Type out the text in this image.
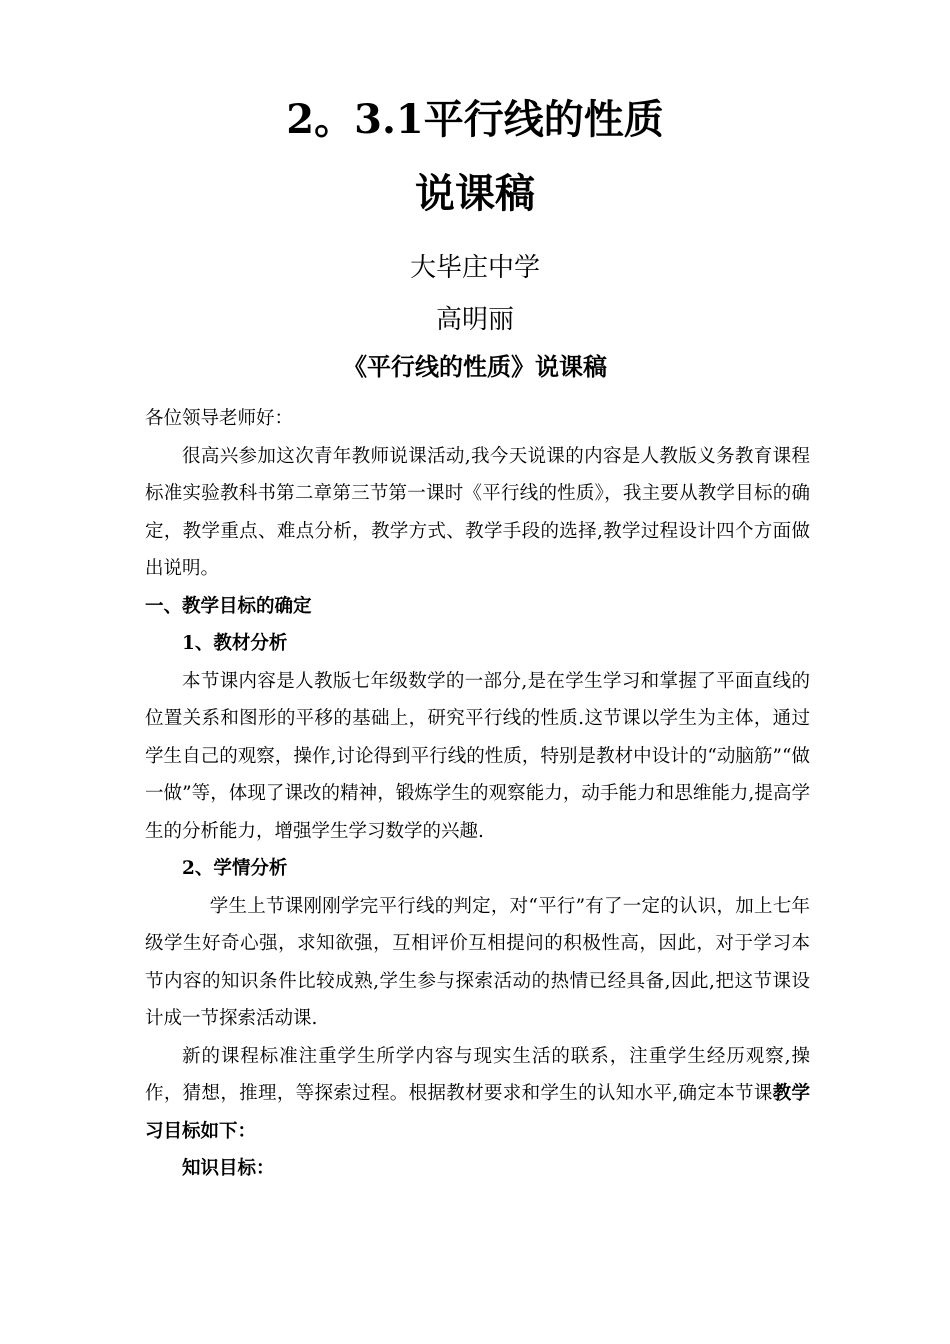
2。3.1平行线的性质
说课稿
大毕庄中学
高明丽
《平行线的性质》说课稿

各位领导老师好：

很高兴参加这次青年教师说课活动,我今天说课的内容是人教版义务教育课程标准实验教科书第二章第三节第一课时《平行线的性质》，我主要从教学目标的确定，教学重点、难点分析，教学方式、教学手段的选择,教学过程设计四个方面做出说明。

一、教学目标的确定

1、教材分析

本节课内容是人教版七年级数学的一部分,是在学生学习和掌握了平面直线的位置关系和图形的平移的基础上，研究平行线的性质.这节课以学生为主体，通过学生自己的观察，操作,讨论得到平行线的性质，特别是教材中设计的“动脑筋”“做一做”等，体现了课改的精神，锻炼学生的观察能力，动手能力和思维能力,提高学生的分析能力，增强学生学习数学的兴趣.

2、学情分析

学生上节课刚刚学完平行线的判定，对“平行”有了一定的认识，加上七年级学生好奇心强，求知欲强，互相评价互相提问的积极性高，因此，对于学习本节内容的知识条件比较成熟,学生参与探索活动的热情已经具备,因此,把这节课设计成一节探索活动课.

新的课程标准注重学生所学内容与现实生活的联系，注重学生经历观察,操作，猜想，推理，等探索过程。根据教材要求和学生的认知水平,确定本节课教学习目标如下：

知识目标：
